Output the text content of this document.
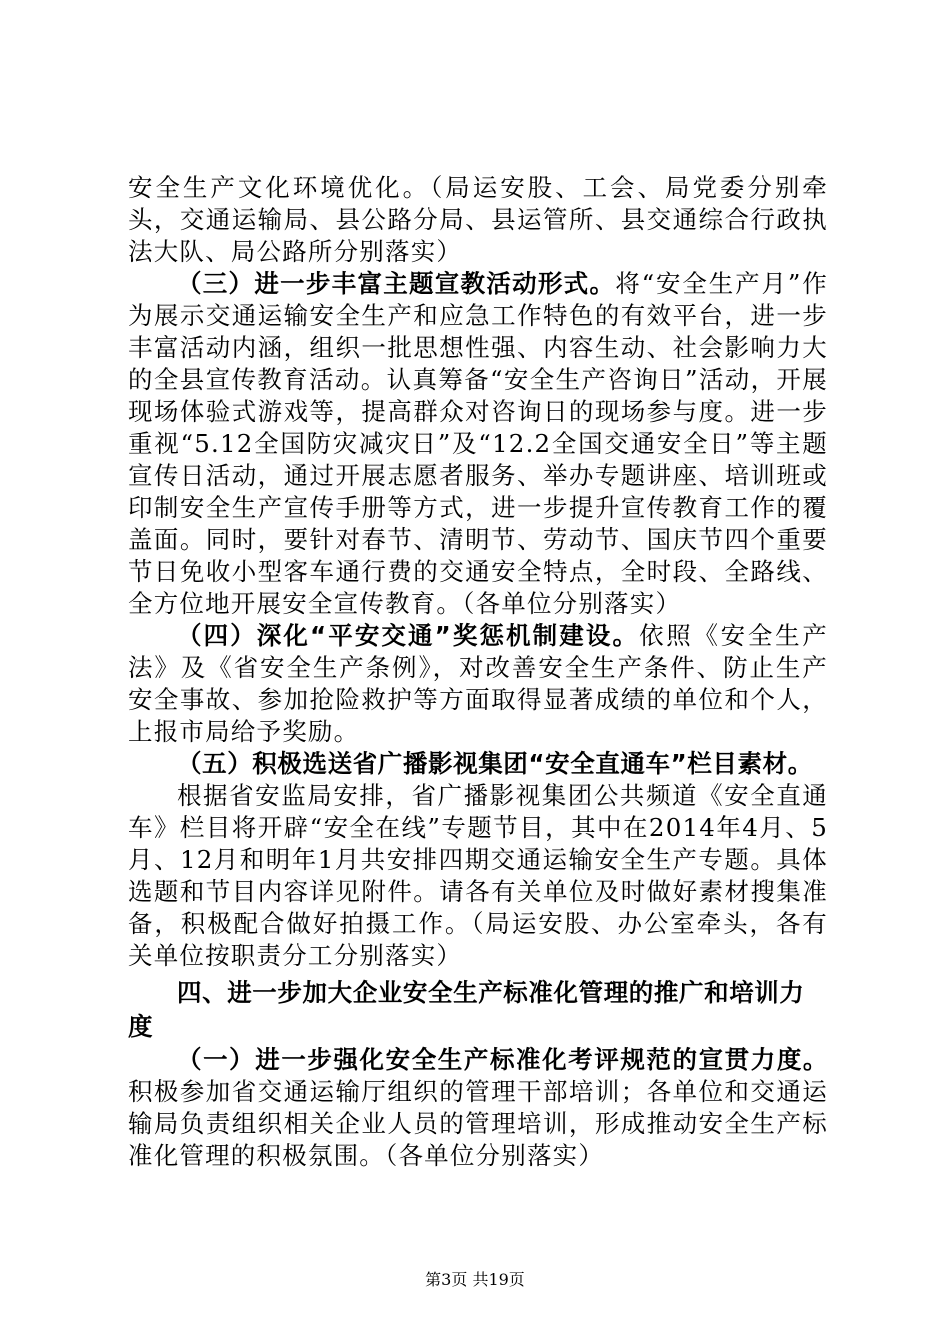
安全生产文化环境优化。（局运安股、工会、局党委分别牵头，交通运输局、县公路分局、县运管所、县交通综合行政执法大队、局公路所分别落实）

（三）进一步丰富主题宣教活动形式。将“安全生产月”作为展示交通运输安全生产和应急工作特色的有效平台，进一步丰富活动内涵，组织一批思想性强、内容生动、社会影响力大的全县宣传教育活动。认真筹备“安全生产咨询日”活动，开展现场体验式游戏等，提高群众对咨询日的现场参与度。进一步重视“5.12全国防灾减灾日”及“12.2全国交通安全日”等主题宣传日活动，通过开展志愿者服务、举办专题讲座、培训班或印制安全生产宣传手册等方式，进一步提升宣传教育工作的覆盖面。同时，要针对春节、清明节、劳动节、国庆节四个重要节日免收小型客车通行费的交通安全特点，全时段、全路线、全方位地开展安全宣传教育。（各单位分别落实）

（四）深化“平安交通”奖惩机制建设。依照《安全生产法》及《省安全生产条例》，对改善安全生产条件、防止生产安全事故、参加抢险救护等方面取得显著成绩的单位和个人，上报市局给予奖励。

（五）积极选送省广播影视集团“安全直通车”栏目素材。

根据省安监局安排，省广播影视集团公共频道《安全直通车》栏目将开辟“安全在线”专题节目，其中在2014年4月、5月、12月和明年1月共安排四期交通运输安全生产专题。具体选题和节目内容详见附件。请各有关单位及时做好素材搜集准备，积极配合做好拍摄工作。（局运安股、办公室牵头，各有关单位按职责分工分别落实）

四、进一步加大企业安全生产标准化管理的推广和培训力度

（一）进一步强化安全生产标准化考评规范的宣贯力度。积极参加省交通运输厅组织的管理干部培训；各单位和交通运输局负责组织相关企业人员的管理培训，形成推动安全生产标准化管理的积极氛围。（各单位分别落实）

第3页 共19页
